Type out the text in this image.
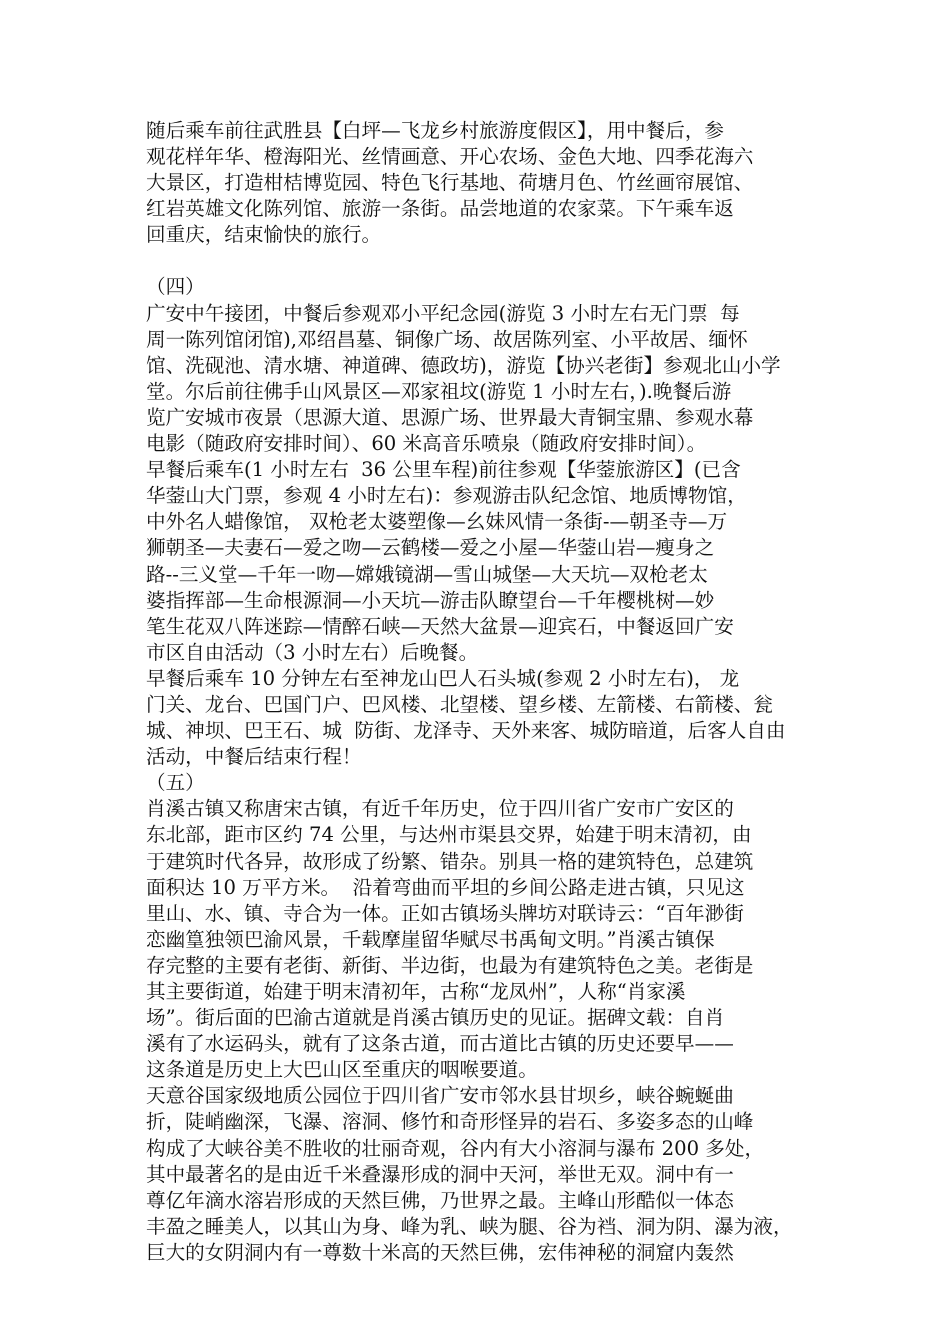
随后乘车前往武胜县【白坪—飞龙乡村旅游度假区】，用中餐后，参
观花样年华、橙海阳光、丝情画意、开心农场、金色大地、四季花海六
大景区，打造柑桔博览园、特色飞行基地、荷塘月色、竹丝画帘展馆、
红岩英雄文化陈列馆、旅游一条街。品尝地道的农家菜。下午乘车返
回重庆，结束愉快的旅行。
（四）
广安中午接团，中餐后参观邓小平纪念园(游览 3 小时左右无门票  每
周一陈列馆闭馆),邓绍昌墓、铜像广场、故居陈列室、小平故居、缅怀
馆、洗砚池、清水塘、神道碑、德政坊)，游览【协兴老街】参观北山小学
堂。尔后前往佛手山风景区—邓家祖坟(游览 1 小时左右，).晚餐后游
览广安城市夜景（思源大道、思源广场、世界最大青铜宝鼎、参观水幕
电影（随政府安排时间）、60 米高音乐喷泉（随政府安排时间）。
早餐后乘车(1 小时左右  36 公里车程)前往参观【华蓥旅游区】(已含
华蓥山大门票，参观 4 小时左右)：参观游击队纪念馆、地质博物馆，
中外名人蜡像馆， 双枪老太婆塑像—幺妹风情一条街-—朝圣寺—万
狮朝圣—夫妻石—爱之吻—云鹤楼—爱之小屋—华蓥山岩—瘦身之
路--三义堂—千年一吻—嫦娥镜湖—雪山城堡—大天坑—双枪老太
婆指挥部—生命根源洞—小天坑—游击队瞭望台—千年樱桃树—妙
笔生花双八阵迷踪—情醉石峡—天然大盆景—迎宾石，中餐返回广安
市区自由活动（3 小时左右）后晚餐。
早餐后乘车 10 分钟左右至神龙山巴人石头城(参观 2 小时左右)， 龙
门关、龙台、巴国门户、巴风楼、北望楼、望乡楼、左箭楼、右箭楼、瓮
城、神坝、巴王石、城  防街、龙泽寺、天外来客、城防暗道，后客人自由
活动，中餐后结束行程！
（五）
肖溪古镇又称唐宋古镇，有近千年历史，位于四川省广安市广安区的
东北部，距市区约 74 公里，与达州市渠县交界，始建于明末清初，由
于建筑时代各异，故形成了纷繁、错杂。别具一格的建筑特色，总建筑
面积达 10 万平方米。  沿着弯曲而平坦的乡间公路走进古镇，只见这
里山、水、镇、寺合为一体。正如古镇场头牌坊对联诗云：“百年渺街
恋幽篁独领巴渝风景，千载摩崖留华赋尽书禹甸文明。”肖溪古镇保
存完整的主要有老街、新街、半边街，也最为有建筑特色之美。老街是
其主要街道，始建于明末清初年，古称“龙凤州”，人称“肖家溪
场”。街后面的巴渝古道就是肖溪古镇历史的见证。据碑文载：自肖
溪有了水运码头，就有了这条古道，而古道比古镇的历史还要早——
这条道是历史上大巴山区至重庆的咽喉要道。
天意谷国家级地质公园位于四川省广安市邻水县甘坝乡，峡谷蜿蜒曲
折，陡峭幽深，飞瀑、溶洞、修竹和奇形怪异的岩石、多姿多态的山峰
构成了大峡谷美不胜收的壮丽奇观，谷内有大小溶洞与瀑布 200 多处，
其中最著名的是由近千米叠瀑形成的洞中天河，举世无双。洞中有一
尊亿年滴水溶岩形成的天然巨佛，乃世界之最。主峰山形酷似一体态
丰盈之睡美人，以其山为身、峰为乳、峡为腿、谷为裆、洞为阴、瀑为液，
巨大的女阴洞内有一尊数十米高的天然巨佛，宏伟神秘的洞窟内轰然
